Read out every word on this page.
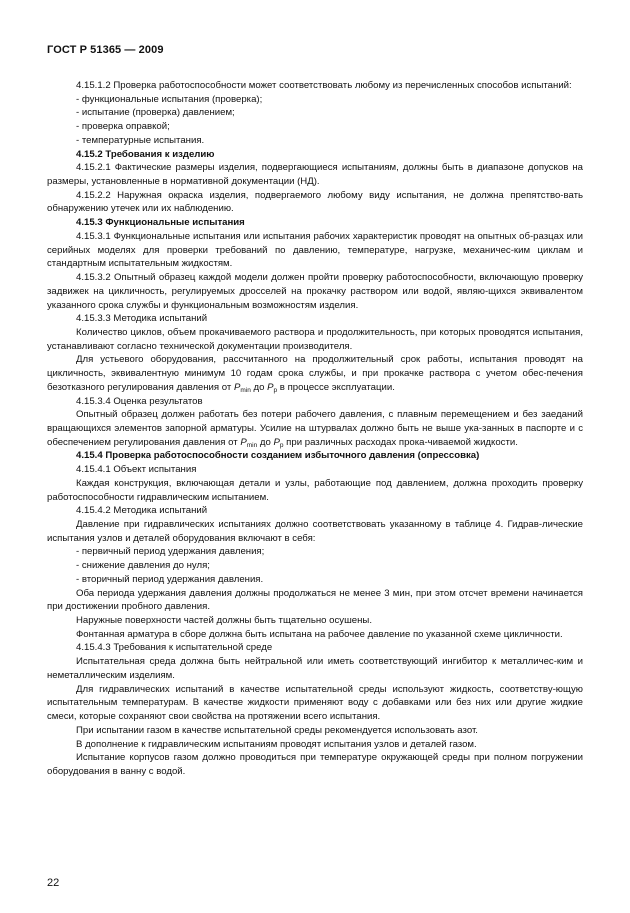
ГОСТ Р 51365 — 2009

4.15.1.2 Проверка работоспособности может соответствовать любому из перечисленных способов испытаний:

- функциональные испытания (проверка);

- испытание (проверка) давлением;

- проверка оправкой;

- температурные испытания.

4.15.2 Требования к изделию

4.15.2.1 Фактические размеры изделия, подвергающиеся испытаниям, должны быть в диапазоне допусков на размеры, установленные в нормативной документации (НД).

4.15.2.2 Наружная окраска изделия, подвергаемого любому виду испытания, не должна препятство-вать обнаружению утечек или их наблюдению.

4.15.3 Функциональные испытания

4.15.3.1 Функциональные испытания или испытания рабочих характеристик проводят на опытных об-разцах или серийных моделях для проверки требований по давлению, температуре, нагрузке, механичес-ким циклам и стандартным испытательным жидкостям.

4.15.3.2 Опытный образец каждой модели должен пройти проверку работоспособности, включающую проверку задвижек на цикличность, регулируемых дросселей на прокачку раствором или водой, являю-щихся эквивалентом указанного срока службы и функциональным возможностям изделия.

4.15.3.3 Методика испытаний

Количество циклов, объем прокачиваемого раствора и продолжительность, при которых проводятся испытания, устанавливают согласно технической документации производителя.

Для устьевого оборудования, рассчитанного на продолжительный срок работы, испытания проводят на цикличность, эквивалентную минимум 10 годам срока службы, и при прокачке раствора с учетом обес-печения безотказного регулирования давления от $P_{min}$ до $P_p$ в процессе эксплуатации.

4.15.3.4 Оценка результатов

Опытный образец должен работать без потери рабочего давления, с плавным перемещением и без заеданий вращающихся элементов запорной арматуры. Усилие на штурвалах должно быть не выше ука-занных в паспорте и с обеспечением регулирования давления от $P_{min}$ до $P_p$ при различных расходах прока-чиваемой жидкости.

4.15.4 Проверка работоспособности созданием избыточного давления (опрессовка)

4.15.4.1 Объект испытания

Каждая конструкция, включающая детали и узлы, работающие под давлением, должна проходить проверку работоспособности гидравлическим испытанием.

4.15.4.2 Методика испытаний

Давление при гидравлических испытаниях должно соответствовать указанному в таблице 4. Гидрав-лические испытания узлов и деталей оборудования включают в себя:

- первичный период удержания давления;

- снижение давления до нуля;

- вторичный период удержания давления.

Оба периода удержания давления должны продолжаться не менее 3 мин, при этом отсчет времени начинается при достижении пробного давления.

Наружные поверхности частей должны быть тщательно осушены.

Фонтанная арматура в сборе должна быть испытана на рабочее давление по указанной схеме цикличности.

4.15.4.3 Требования к испытательной среде

Испытательная среда должна быть нейтральной или иметь соответствующий ингибитор к металличес-ким и неметаллическим изделиям.

Для гидравлических испытаний в качестве испытательной среды используют жидкость, соответству-ющую испытательным температурам. В качестве жидкости применяют воду с добавками или без них или другие жидкие смеси, которые сохраняют свои свойства на протяжении всего испытания.

При испытании газом в качестве испытательной среды рекомендуется использовать азот.

В дополнение к гидравлическим испытаниям проводят испытания узлов и деталей газом.

Испытание корпусов газом должно проводиться при температуре окружающей среды при полном погружении оборудования в ванну с водой.

22
